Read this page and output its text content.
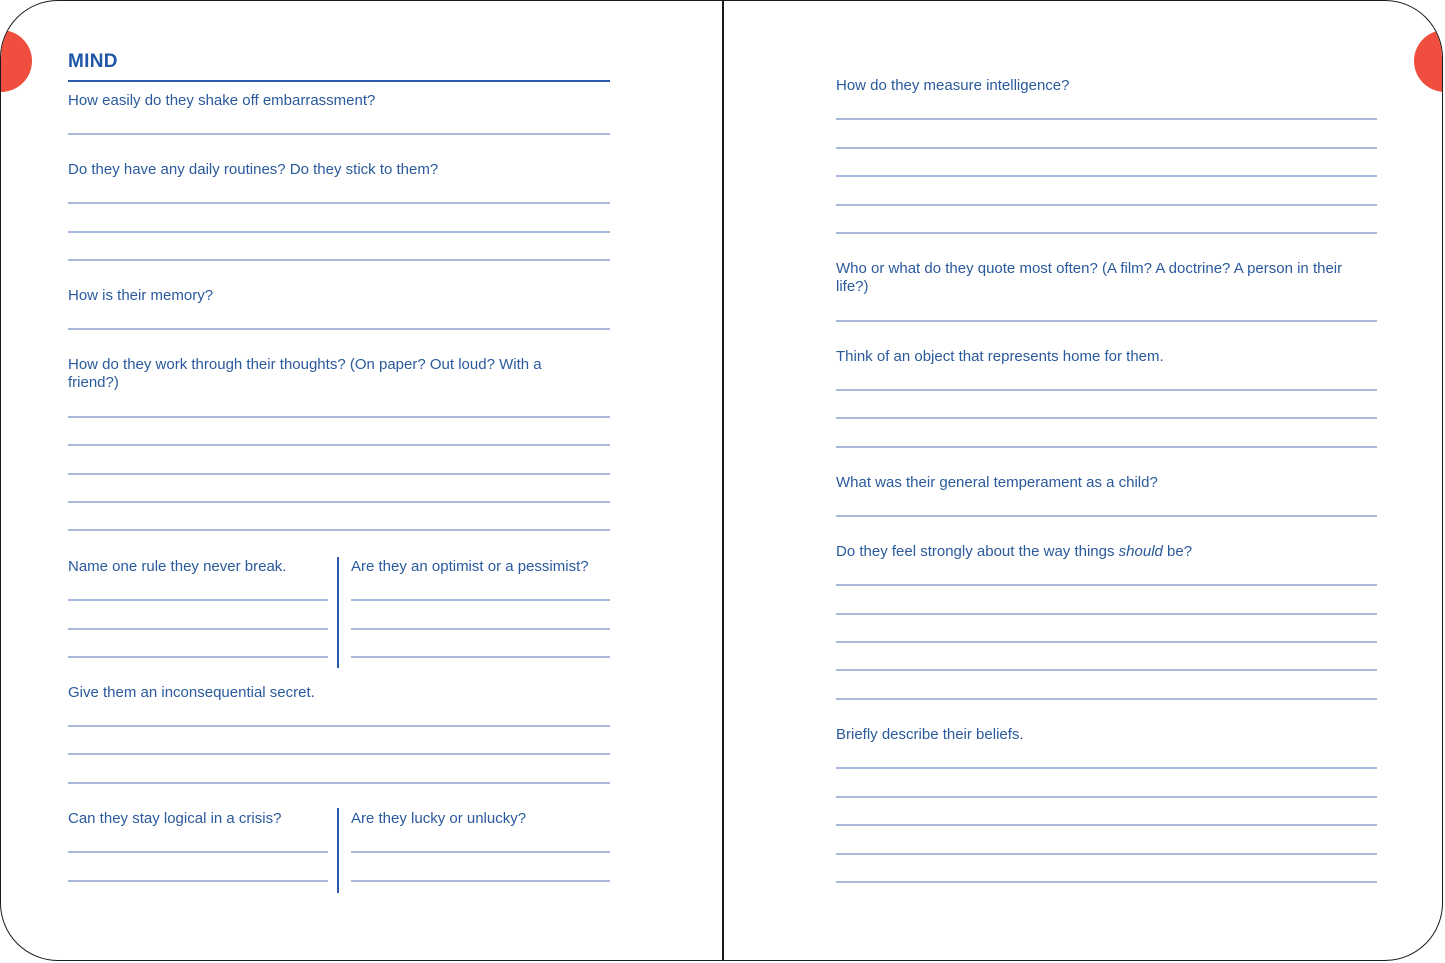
MIND
How easily do they shake off embarrassment?
Do they have any daily routines? Do they stick to them?
How is their memory?
How do they work through their thoughts? (On paper? Out loud? With a friend?)
Name one rule they never break.	Are they an optimist or a pessimist?
Give them an inconsequential secret.
Can they stay logical in a crisis?	Are they lucky or unlucky?
How do they measure intelligence?
Who or what do they quote most often? (A film? A doctrine? A person in their life?)
Think of an object that represents home for them.
What was their general temperament as a child?
Do they feel strongly about the way things should be?
Briefly describe their beliefs.
